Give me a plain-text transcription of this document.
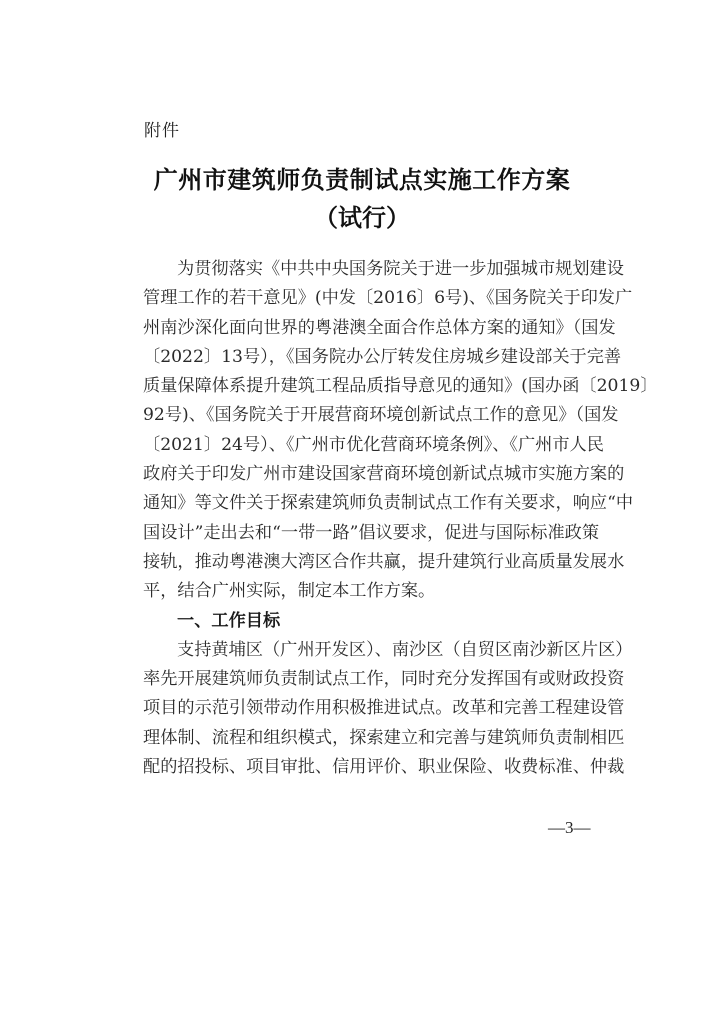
附件
广州市建筑师负责制试点实施工作方案
（试行）
为贯彻落实《中共中央国务院关于进一步加强城市规划建设
管理工作的若干意见》(中发〔2016〕6号)、《国务院关于印发广
州南沙深化面向世界的粤港澳全面合作总体方案的通知》（国发
〔2022〕13号），《国务院办公厅转发住房城乡建设部关于完善
质量保障体系提升建筑工程品质指导意见的通知》(国办函〔2019〕
92号)、《国务院关于开展营商环境创新试点工作的意见》（国发
〔2021〕24号）、《广州市优化营商环境条例》、《广州市人民
政府关于印发广州市建设国家营商环境创新试点城市实施方案的
通知》等文件关于探索建筑师负责制试点工作有关要求，响应“中
国设计”走出去和“一带一路”倡议要求，促进与国际标准政策
接轨，推动粤港澳大湾区合作共赢，提升建筑行业高质量发展水
平，结合广州实际，制定本工作方案。
一、工作目标
支持黄埔区（广州开发区）、南沙区（自贸区南沙新区片区）
率先开展建筑师负责制试点工作，同时充分发挥国有或财政投资
项目的示范引领带动作用积极推进试点。改革和完善工程建设管
理体制、流程和组织模式，探索建立和完善与建筑师负责制相匹
配的招投标、项目审批、信用评价、职业保险、收费标准、仲裁
—3—
